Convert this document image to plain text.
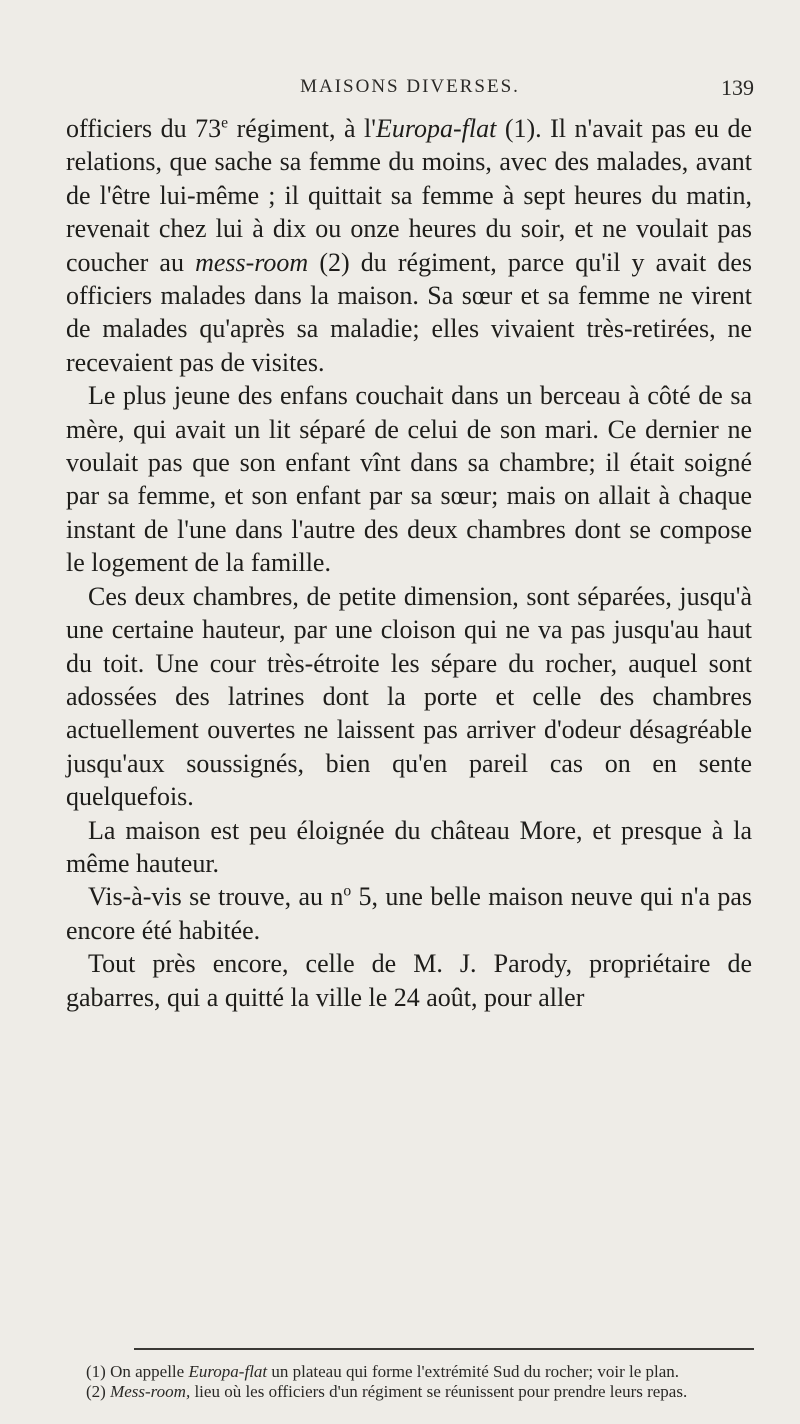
MAISONS DIVERSES.	139

officiers du 73e régiment, à l'Europa-flat (1). Il n'avait pas eu de relations, que sache sa femme du moins, avec des malades, avant de l'être lui-même ; il quittait sa femme à sept heures du matin, revenait chez lui à dix ou onze heures du soir, et ne voulait pas coucher au mess-room (2) du régiment, parce qu'il y avait des officiers malades dans la maison. Sa sœur et sa femme ne virent de malades qu'après sa maladie; elles vivaient très-retirées, ne recevaient pas de visites.

Le plus jeune des enfans couchait dans un berceau à côté de sa mère, qui avait un lit séparé de celui de son mari. Ce dernier ne voulait pas que son enfant vînt dans sa chambre; il était soigné par sa femme, et son enfant par sa sœur; mais on allait à chaque instant de l'une dans l'autre des deux chambres dont se compose le logement de la famille.

Ces deux chambres, de petite dimension, sont séparées, jusqu'à une certaine hauteur, par une cloison qui ne va pas jusqu'au haut du toit. Une cour très-étroite les sépare du rocher, auquel sont adossées des latrines dont la porte et celle des chambres actuellement ouvertes ne laissent pas arriver d'odeur désagréable jusqu'aux soussignés, bien qu'en pareil cas on en sente quelquefois.

La maison est peu éloignée du château More, et presque à la même hauteur.

Vis-à-vis se trouve, au $n^o$ 5, une belle maison neuve qui n'a pas encore été habitée.

Tout près encore, celle de M. J. Parody, propriétaire de gabarres, qui a quitté la ville le 24 août, pour aller

(1) On appelle Europa-flat un plateau qui forme l'extrémité Sud du rocher; voir le plan.

(2) Mess-room, lieu où les officiers d'un régiment se réunissent pour prendre leurs repas.
